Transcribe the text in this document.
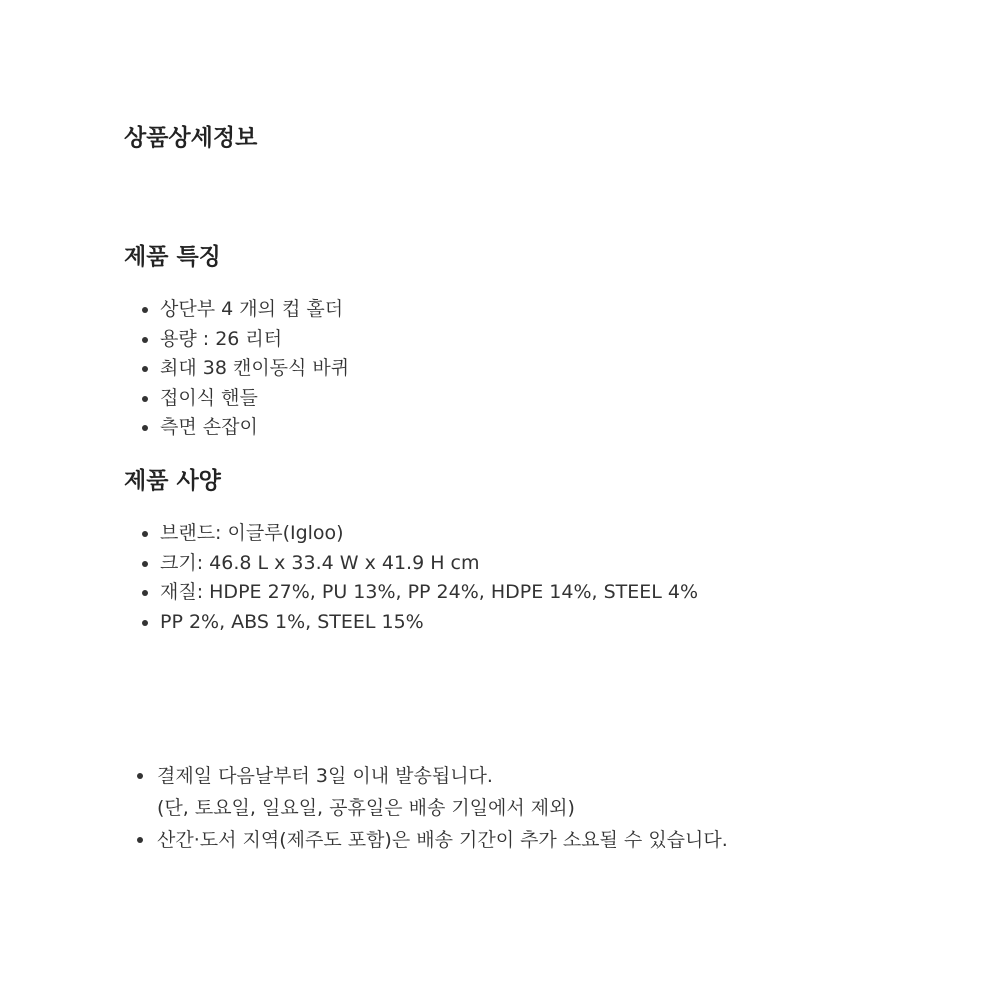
상품상세정보
제품 특징
상단부 4 개의 컵 홀더
용량 : 26 리터
최대 38 캔이동식 바퀴
접이식 핸들
측면 손잡이
제품 사양
브랜드: 이글루(Igloo)
크기: 46.8 L x 33.4 W x 41.9 H cm
재질: HDPE 27%, PU 13%, PP 24%, HDPE 14%, STEEL 4%
PP 2%, ABS 1%, STEEL 15%
결제일 다음날부터 3일 이내 발송됩니다.
(단, 토요일, 일요일, 공휴일은 배송 기일에서 제외)
산간·도서 지역(제주도 포함)은 배송 기간이 추가 소요될 수 있습니다.
